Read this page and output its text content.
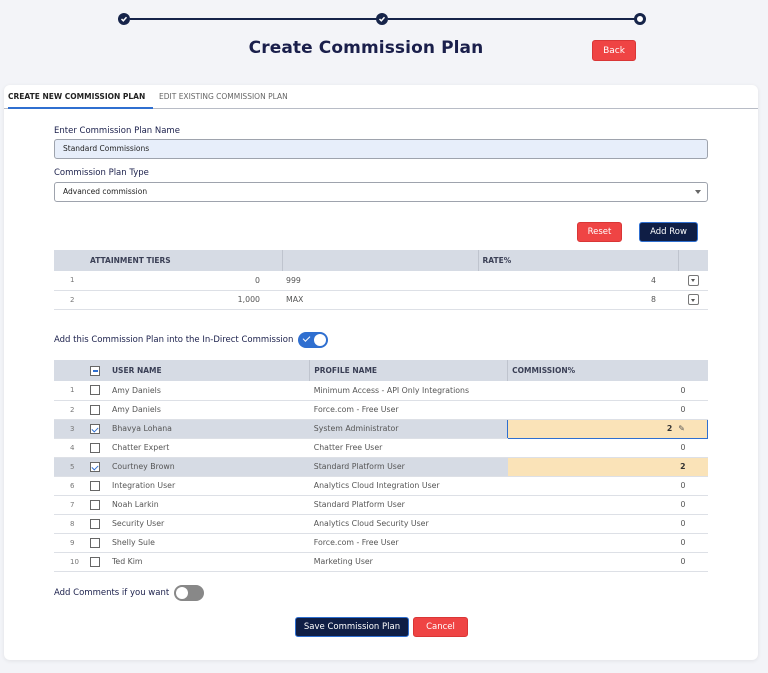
Create Commission Plan	Back
CREATE NEW COMMISSION PLAN	EDIT EXISTING COMMISSION PLAN
Enter Commission Plan Name
Standard Commissions
Commission Plan Type
Advanced commission
Reset	Add Row
	ATTAINMENT TIERS		RATE%	
1	0	999	4	
2	1,000	MAX	8	
Add this Commission Plan into the In-Direct Commission
		USER NAME	PROFILE NAME	COMMISSION%
1		Amy Daniels	Minimum Access - API Only Integrations	0
2		Amy Daniels	Force.com - Free User	0
3		Bhavya Lohana	System Administrator	2 ✎
4		Chatter Expert	Chatter Free User	0
5		Courtney Brown	Standard Platform User	2
6		Integration User	Analytics Cloud Integration User	0
7		Noah Larkin	Standard Platform User	0
8		Security User	Analytics Cloud Security User	0
9		Shelly Sule	Force.com - Free User	0
10		Ted Kim	Marketing User	0
Add Comments if you want
Save Commission Plan	Cancel
